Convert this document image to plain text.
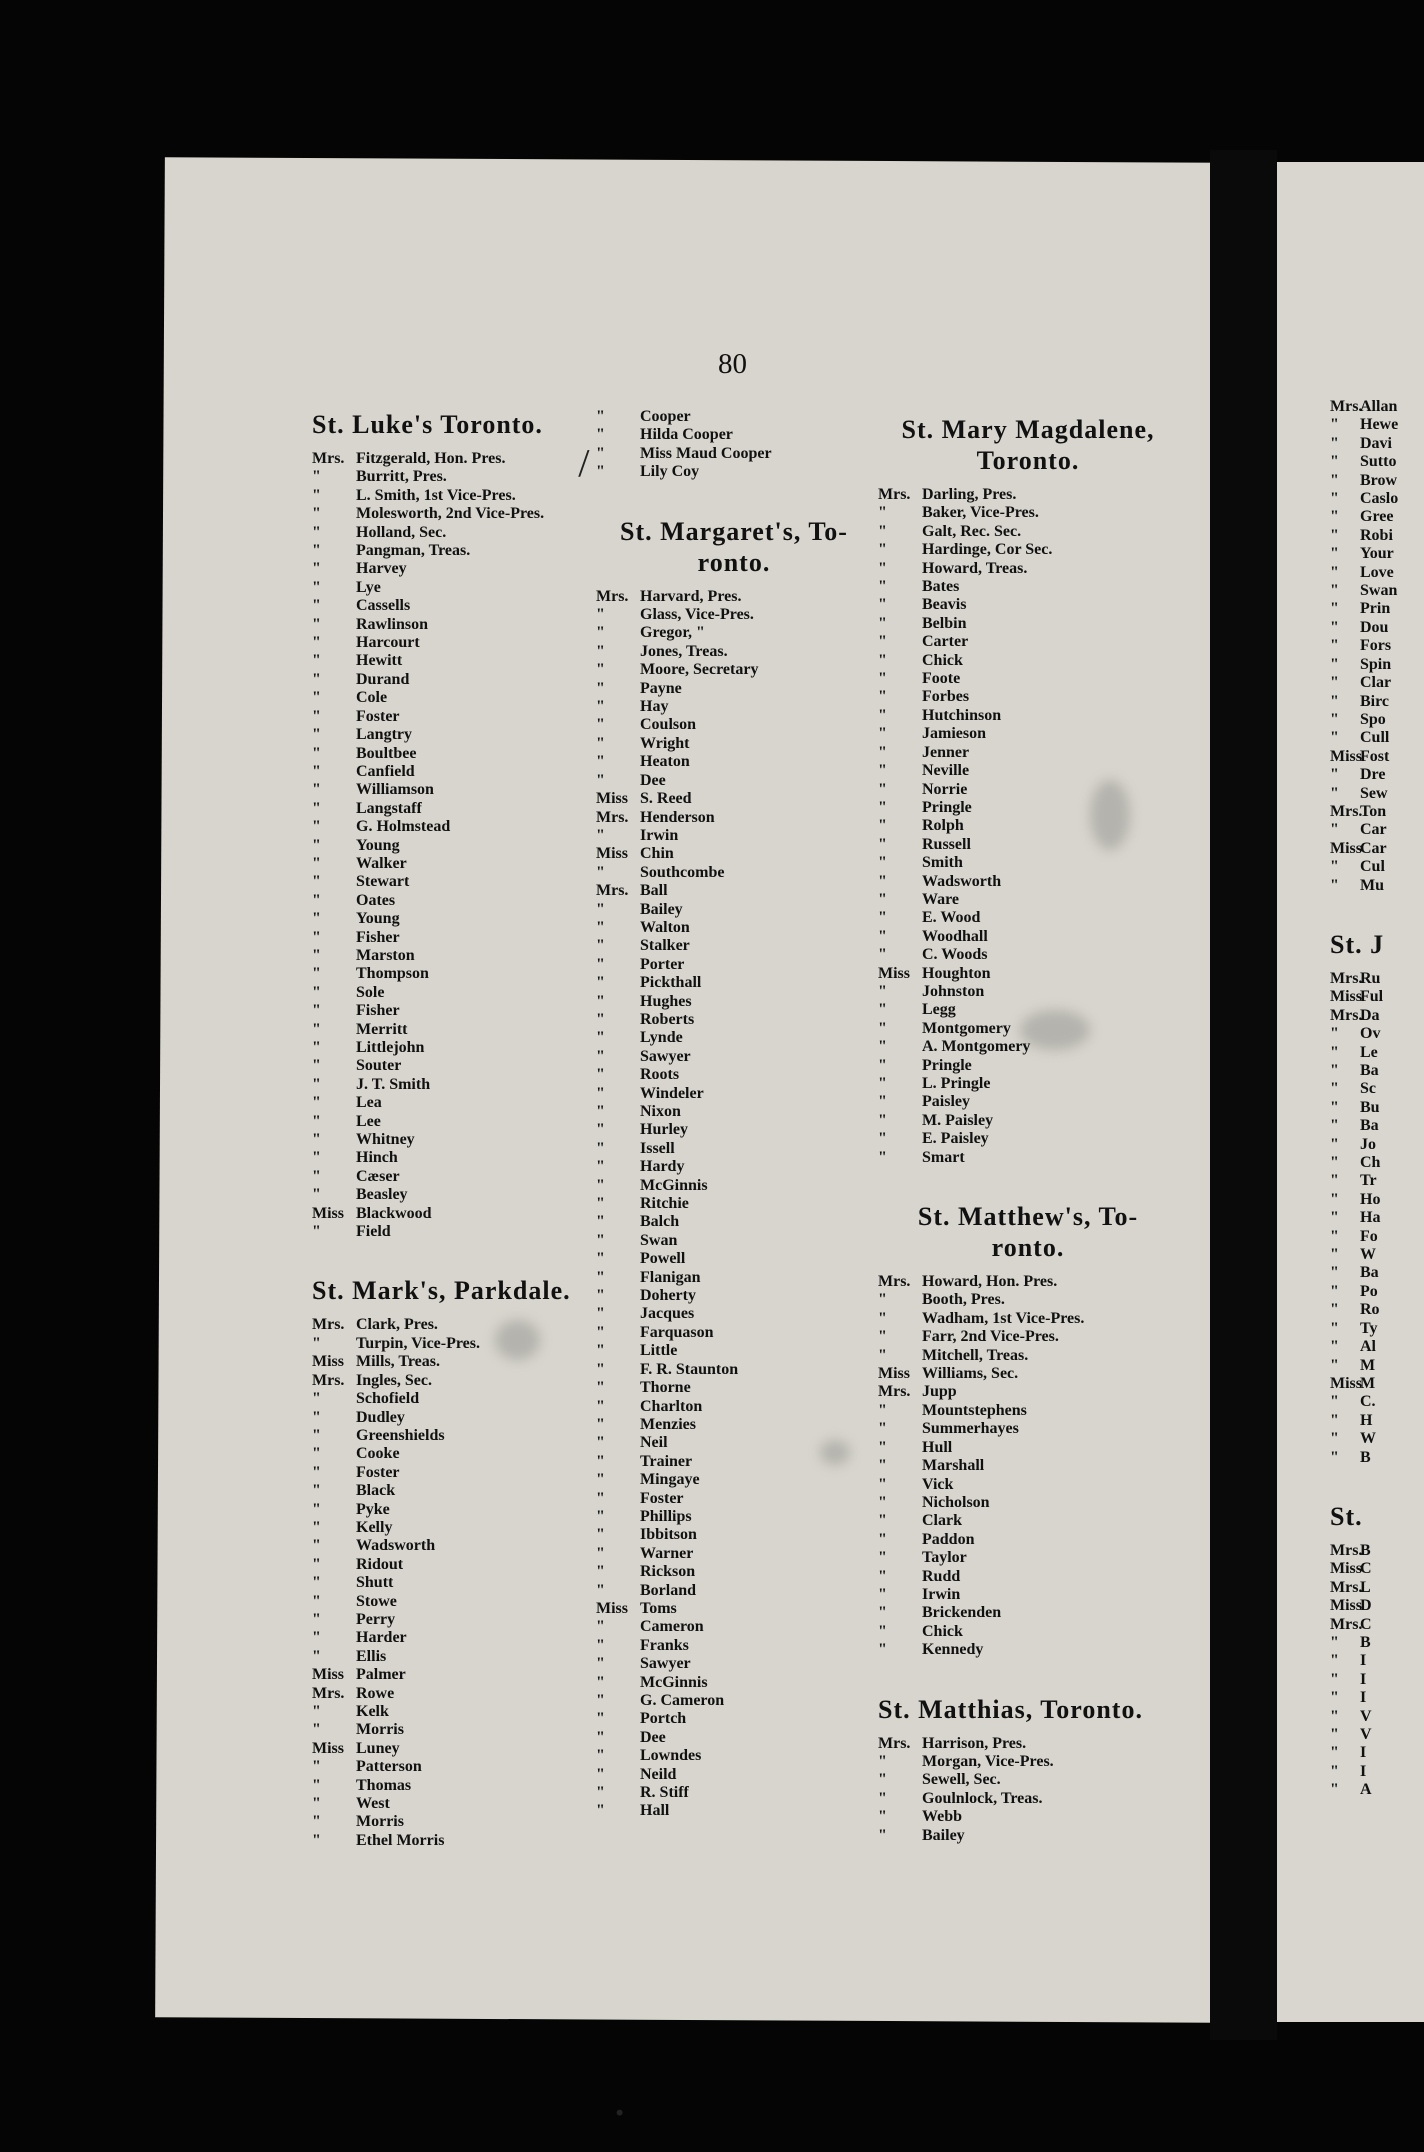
/
80
St. Luke's Toronto.
Mrs. Fitzgerald, Hon. Pres.
" Burritt, Pres.
" L. Smith, 1st Vice-Pres.
" Molesworth, 2nd Vice-Pres.
" Holland, Sec.
" Pangman, Treas.
" Harvey
" Lye
" Cassells
" Rawlinson
" Harcourt
" Hewitt
" Durand
" Cole
" Foster
" Langtry
" Boultbee
" Canfield
" Williamson
" Langstaff
" G. Holmstead
" Young
" Walker
" Stewart
" Oates
" Young
" Fisher
" Marston
" Thompson
" Sole
" Fisher
" Merritt
" Littlejohn
" Souter
" J. T. Smith
" Lea
" Lee
" Whitney
" Hinch
" Cæser
" Beasley
Miss Blackwood
" Field
St. Mark's, Parkdale.
Mrs. Clark, Pres.
" Turpin, Vice-Pres.
Miss Mills, Treas.
Mrs. Ingles, Sec.
" Schofield
" Dudley
" Greenshields
" Cooke
" Foster
" Black
" Pyke
" Kelly
" Wadsworth
" Ridout
" Shutt
" Stowe
" Perry
" Harder
" Ellis
Miss Palmer
Mrs. Rowe
" Kelk
" Morris
Miss Luney
" Patterson
" Thomas
" West
" Morris
" Ethel Morris
" Cooper
" Hilda Cooper
" Miss Maud Cooper
" Lily Coy
St. Margaret's, To- ronto.
Mrs. Harvard, Pres.
" Glass, Vice-Pres.
" Gregor, "
" Jones, Treas.
" Moore, Secretary
" Payne
" Hay
" Coulson
" Wright
" Heaton
" Dee
Miss S. Reed
Mrs. Henderson
" Irwin
Miss Chin
" Southcombe
Mrs. Ball
" Bailey
" Walton
" Stalker
" Porter
" Pickthall
" Hughes
" Roberts
" Lynde
" Sawyer
" Roots
" Windeler
" Nixon
" Hurley
" Issell
" Hardy
" McGinnis
" Ritchie
" Balch
" Swan
" Powell
" Flanigan
" Doherty
" Jacques
" Farquason
" Little
" F. R. Staunton
" Thorne
" Charlton
" Menzies
" Neil
" Trainer
" Mingaye
" Foster
" Phillips
" Ibbitson
" Warner
" Rickson
" Borland
Miss Toms
" Cameron
" Franks
" Sawyer
" McGinnis
" G. Cameron
" Portch
" Dee
" Lowndes
" Neild
" R. Stiff
" Hall
St. Mary Magdalene, Toronto.
Mrs. Darling, Pres.
" Baker, Vice-Pres.
" Galt, Rec. Sec.
" Hardinge, Cor Sec.
" Howard, Treas.
" Bates
" Beavis
" Belbin
" Carter
" Chick
" Foote
" Forbes
" Hutchinson
" Jamieson
" Jenner
" Neville
" Norrie
" Pringle
" Rolph
" Russell
" Smith
" Wadsworth
" Ware
" E. Wood
" Woodhall
" C. Woods
Miss Houghton
" Johnston
" Legg
" Montgomery
" A. Montgomery
" Pringle
" L. Pringle
" Paisley
" M. Paisley
" E. Paisley
" Smart
St. Matthew's, To- ronto.
Mrs. Howard, Hon. Pres.
" Booth, Pres.
" Wadham, 1st Vice-Pres.
" Farr, 2nd Vice-Pres.
" Mitchell, Treas.
Miss Williams, Sec.
Mrs. Jupp
" Mountstephens
" Summerhayes
" Hull
" Marshall
" Vick
" Nicholson
" Clark
" Paddon
" Taylor
" Rudd
" Irwin
" Brickenden
" Chick
" Kennedy
St. Matthias, Toronto.
Mrs. Harrison, Pres.
" Morgan, Vice-Pres.
" Sewell, Sec.
" Goulnlock, Treas.
" Webb
" Bailey
Mrs.Allan
" Hewe
" Davi
" Sutto
" Brow
" Caslo
" Gree
" Robi
" Your
" Love
" Swan
" Prin
" Dou
" Fors
" Spin
" Clar
" Birc
" Spo
" Cull
MissFost
" Dre
" Sew
Mrs.Ton
" Car
MissCar
" Cul
" Mu
St. J
Mrs.Ru
MissFul
Mrs.Da
" Ov
" Le
" Ba
" Sc
" Bu
" Ba
" Jo
" Ch
" Tr
" Ho
" Ha
" Fo
" W
" Ba
" Po
" Ro
" Ty
" Al
" M
MissM
" C.
" H
" W
" B
St.
Mrs.B
MissC
Mrs.L
MissD
Mrs.C
" B
" I
" I
" I
" V
" V
" I
" I
" A
